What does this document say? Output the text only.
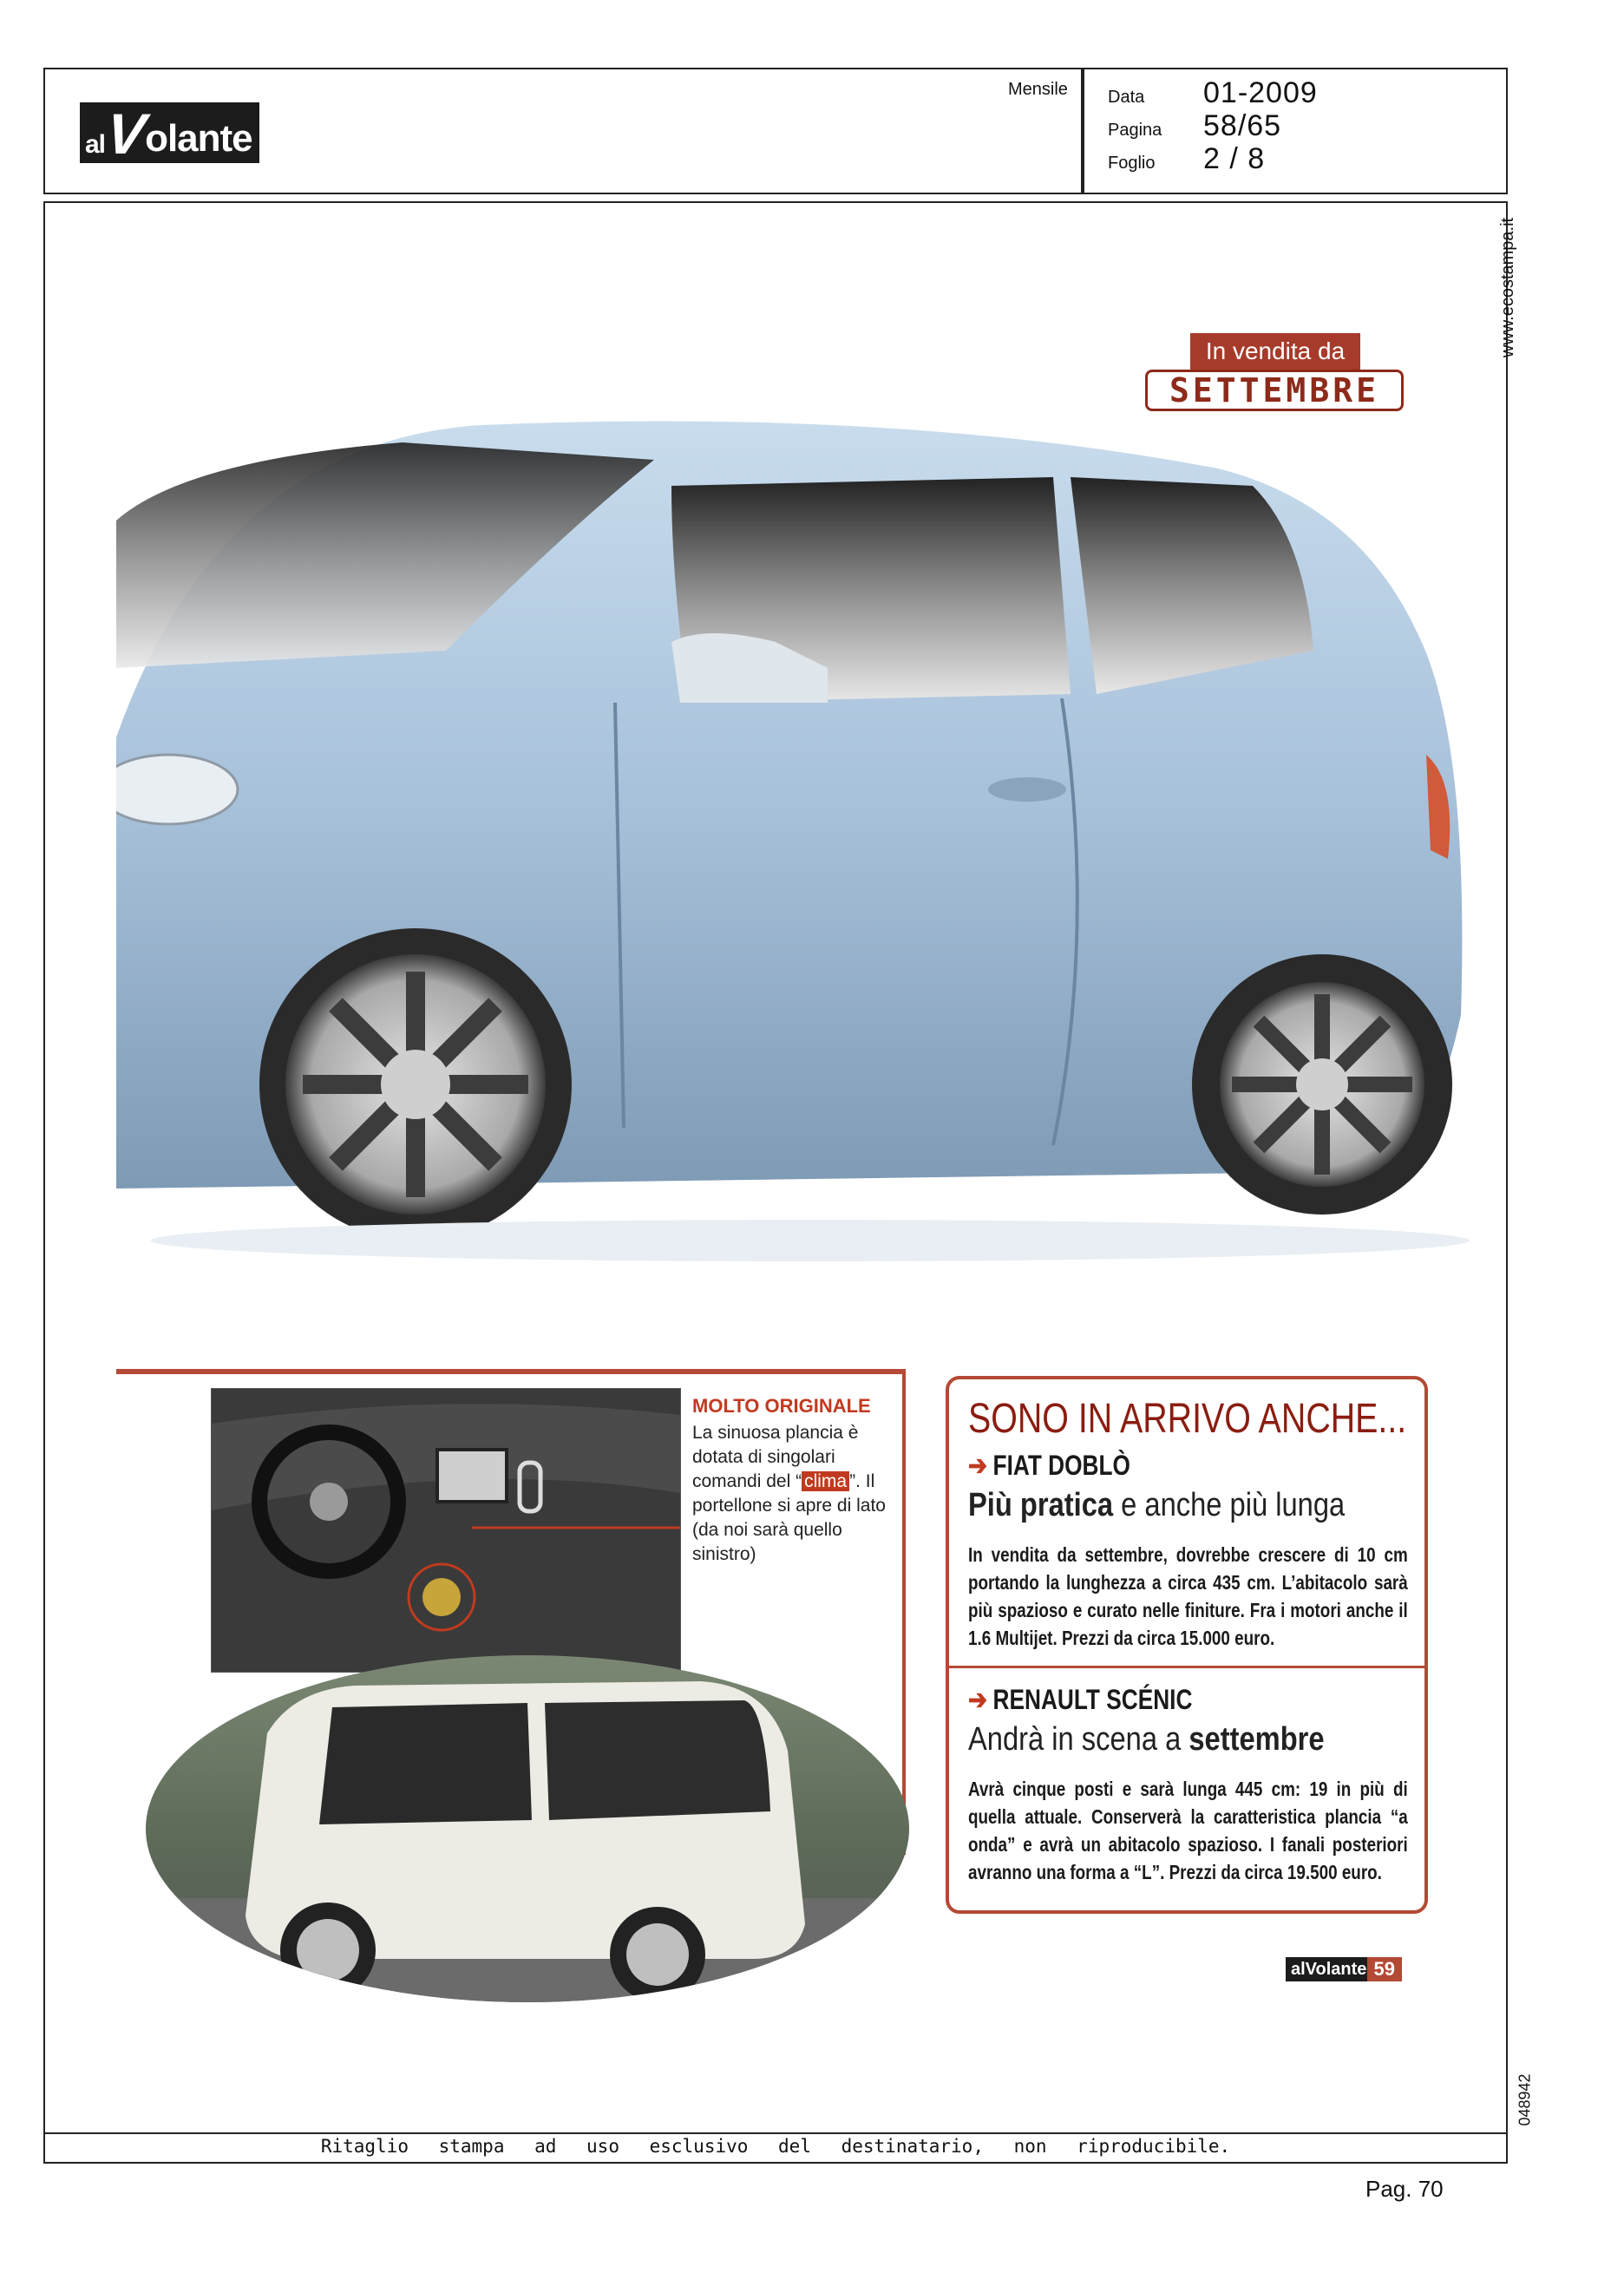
al
V
olante
Mensile Data	01-2009
Pagina	58/65
Foglio	2 / 8
www.ecostampa.it
048942
In vendita da
SETTEMBRE
MOLTO ORIGINALE
La sinuosa plancia è dotata di singolari comandi del “ clima ”. Il portellone si apre di lato (da noi sarà quello sinistro)
SONO IN ARRIVO ANCHE...
➔ FIAT DOBLÒ
Più pratica e anche più lunga
In vendita da settembre, dovrebbe crescere di 10 cm portando la lunghezza a circa 435 cm. L’abitacolo sarà più spazioso e curato nelle finiture. Fra i motori anche il 1.6 Multijet. Prezzi da circa 15.000 euro.
➔ RENAULT SCÉNIC
Andrà in scena a settembre
Avrà cinque posti e sarà lunga 445 cm: 19 in più di quella attuale. Conserverà la caratteristica plancia “a onda” e avrà un abitacolo spazioso. I fanali posteriori avranno una forma a “L”. Prezzi da circa 19.500 euro.
alVolante 59
Ritaglio stampa ad uso esclusivo del destinatario, non riproducibile.
Pag. 70
